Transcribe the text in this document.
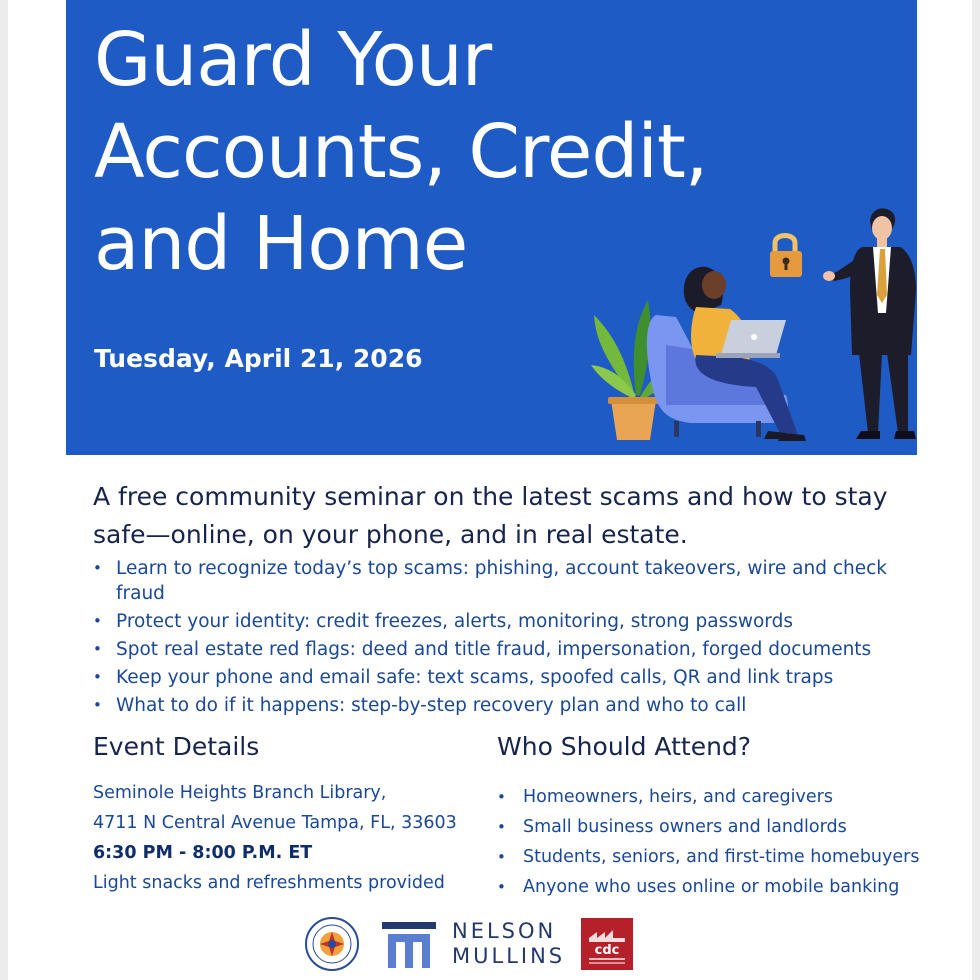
Guard Your
Accounts, Credit,
and Home
Tuesday, April 21, 2026

A free community seminar on the latest scams and how to stay safe—online, on your phone, and in real estate.

• Learn to recognize today’s top scams: phishing, account takeovers, wire and check fraud
• Protect your identity: credit freezes, alerts, monitoring, strong passwords
• Spot real estate red flags: deed and title fraud, impersonation, forged documents
• Keep your phone and email safe: text scams, spoofed calls, QR and link traps
• What to do if it happens: step-by-step recovery plan and who to call
Event Details	Who Should Attend?
Seminole Heights Branch Library,
4711 N Central Avenue Tampa, FL, 33603
6:30 PM - 8:00 P.M. ET
Light snacks and refreshments provided
• Homeowners, heirs, and caregivers
• Small business owners and landlords
• Students, seniors, and first-time homebuyers
• Anyone who uses online or mobile banking
NELSON
MULLINS cdc
